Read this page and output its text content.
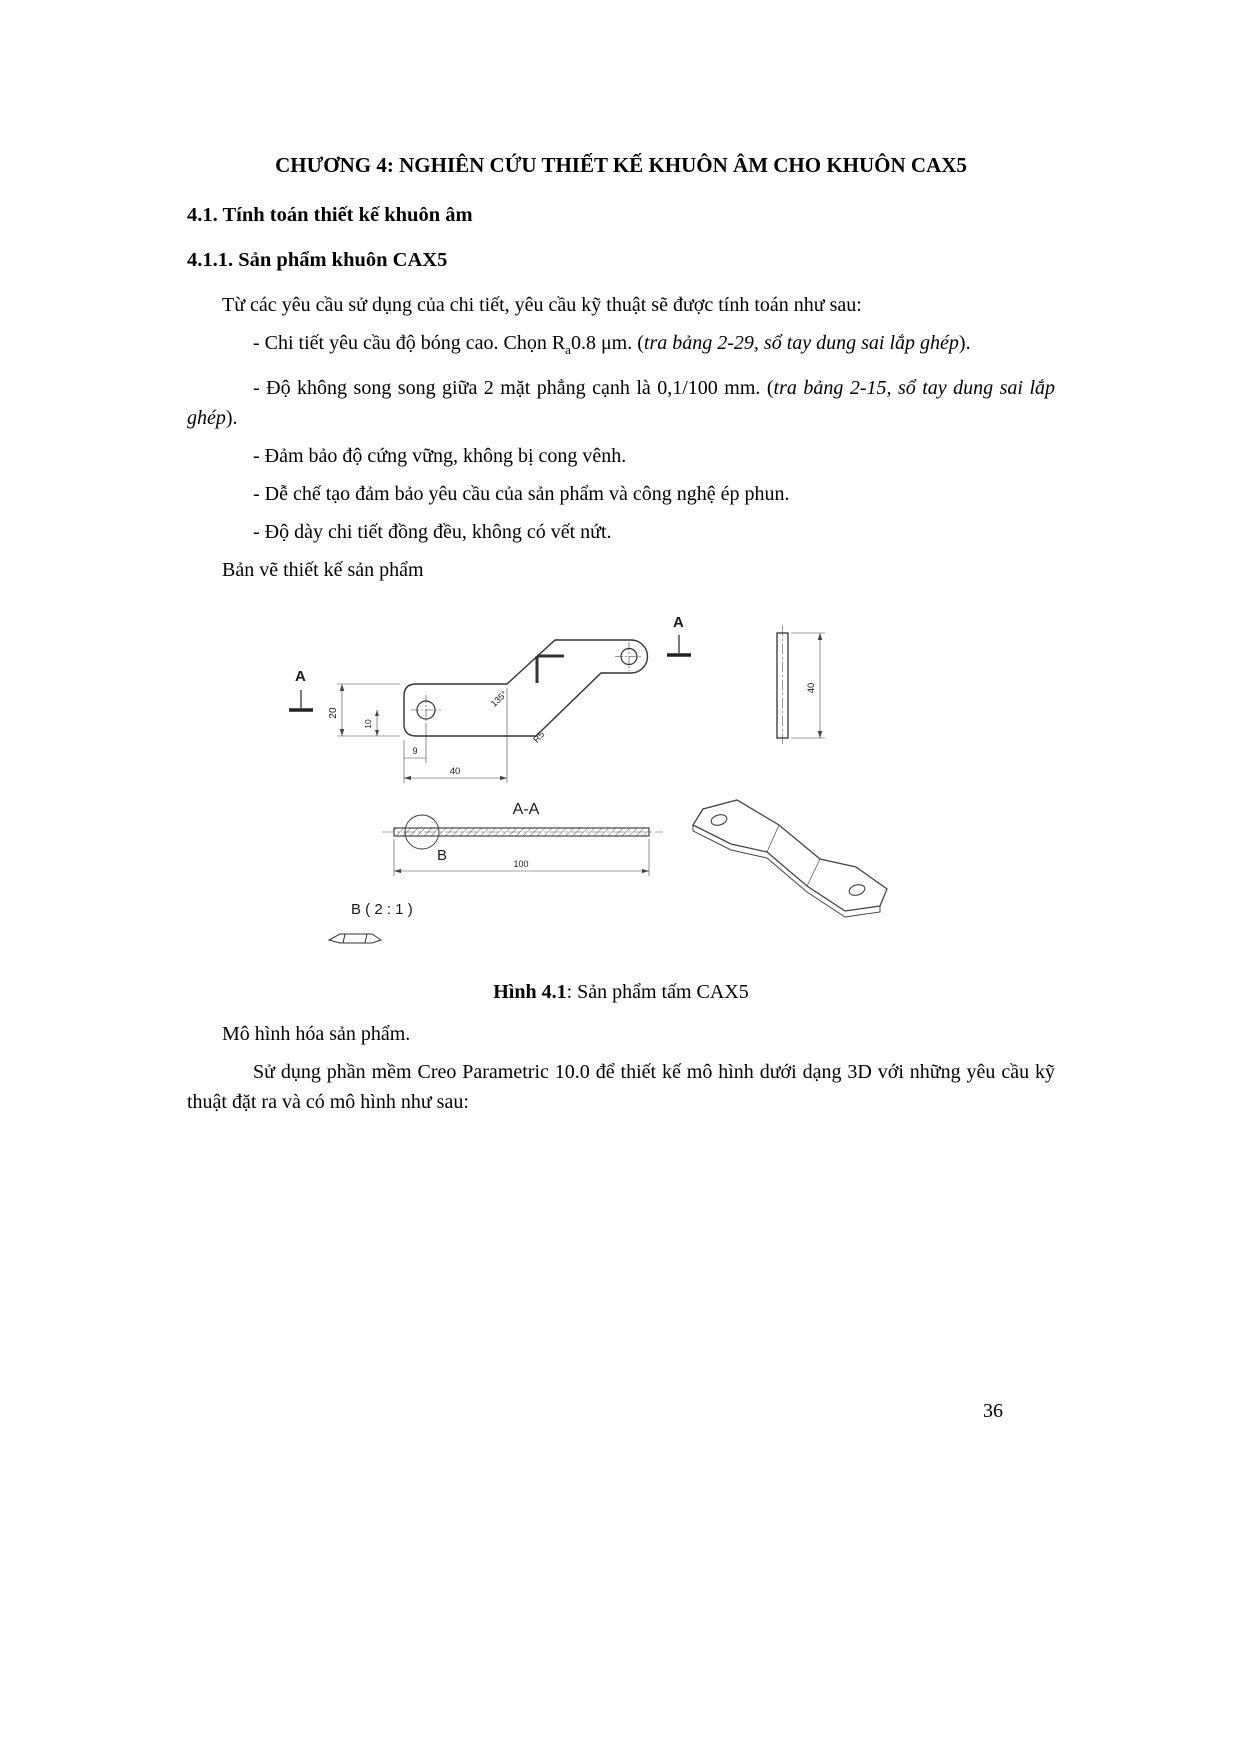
CHƯƠNG 4: NGHIÊN CỨU THIẾT KẾ KHUÔN ÂM CHO KHUÔN CAX5
4.1. Tính toán thiết kế khuôn âm
4.1.1. Sản phẩm khuôn CAX5

Từ các yêu cầu sử dụng của chi tiết, yêu cầu kỹ thuật sẽ được tính toán như sau:

- Chi tiết yêu cầu độ bóng cao. Chọn $R_a0.8$ μm. (tra bảng 2-29, sổ tay dung sai lắp ghép).

- Độ không song song giữa 2 mặt phẳng cạnh là 0,1/100 mm. (tra bảng 2-15, sổ tay dung sai lắp ghép).

- Đảm bảo độ cứng vững, không bị cong vênh.

- Dễ chế tạo đảm bảo yêu cầu của sản phẩm và công nghệ ép phun.

- Độ dày chi tiết đồng đều, không có vết nứt.

Bản vẽ thiết kế sản phẩm

A
A
20
10
9
40
135°
R5
40
A-A
B	100
B ( 2 : 1 )

Hình 4.1: Sản phẩm tấm CAX5

Mô hình hóa sản phẩm.

Sử dụng phần mềm Creo Parametric 10.0 để thiết kế mô hình dưới dạng 3D với những yêu cầu kỹ thuật đặt ra và có mô hình như sau:

36
